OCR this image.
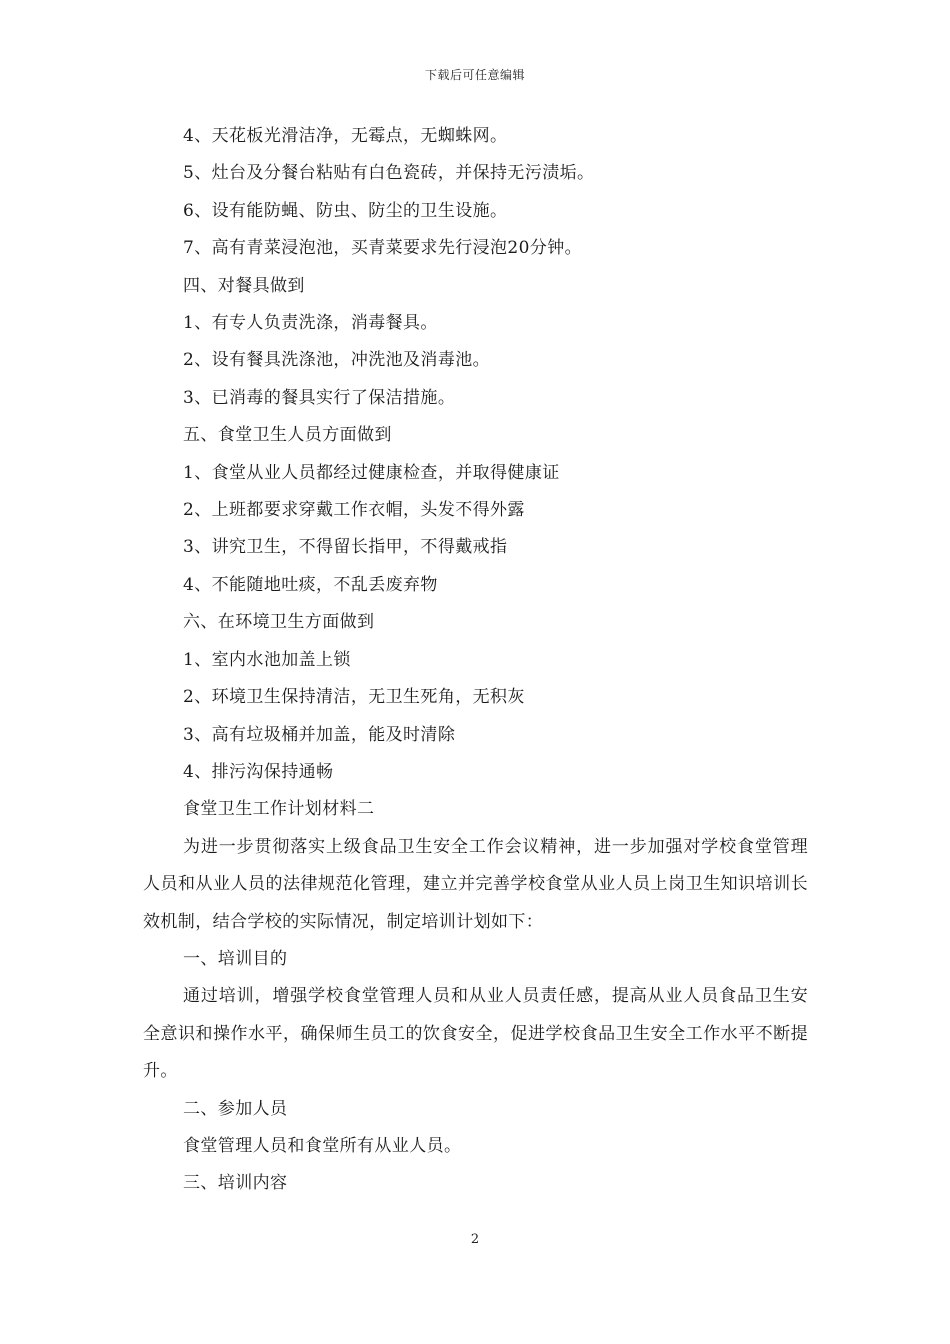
下载后可任意编辑

4、天花板光滑洁净，无霉点，无蜘蛛网。

5、灶台及分餐台粘贴有白色瓷砖，并保持无污渍垢。

6、设有能防蝇、防虫、防尘的卫生设施。

7、高有青菜浸泡池，买青菜要求先行浸泡20分钟。

四、对餐具做到

1、有专人负责洗涤，消毒餐具。

2、设有餐具洗涤池，冲洗池及消毒池。

3、已消毒的餐具实行了保洁措施。

五、食堂卫生人员方面做到

1、食堂从业人员都经过健康检查，并取得健康证

2、上班都要求穿戴工作衣帽，头发不得外露

3、讲究卫生，不得留长指甲，不得戴戒指

4、不能随地吐痰，不乱丢废弃物

六、在环境卫生方面做到

1、室内水池加盖上锁

2、环境卫生保持清洁，无卫生死角，无积灰

3、高有垃圾桶并加盖，能及时清除

4、排污沟保持通畅

食堂卫生工作计划材料二

为进一步贯彻落实上级食品卫生安全工作会议精神，进一步加强对学校食堂管理人员和从业人员的法律规范化管理，建立并完善学校食堂从业人员上岗卫生知识培训长效机制，结合学校的实际情况，制定培训计划如下：

一、培训目的

通过培训，增强学校食堂管理人员和从业人员责任感，提高从业人员食品卫生安全意识和操作水平，确保师生员工的饮食安全，促进学校食品卫生安全工作水平不断提升。

二、参加人员

食堂管理人员和食堂所有从业人员。

三、培训内容

2
